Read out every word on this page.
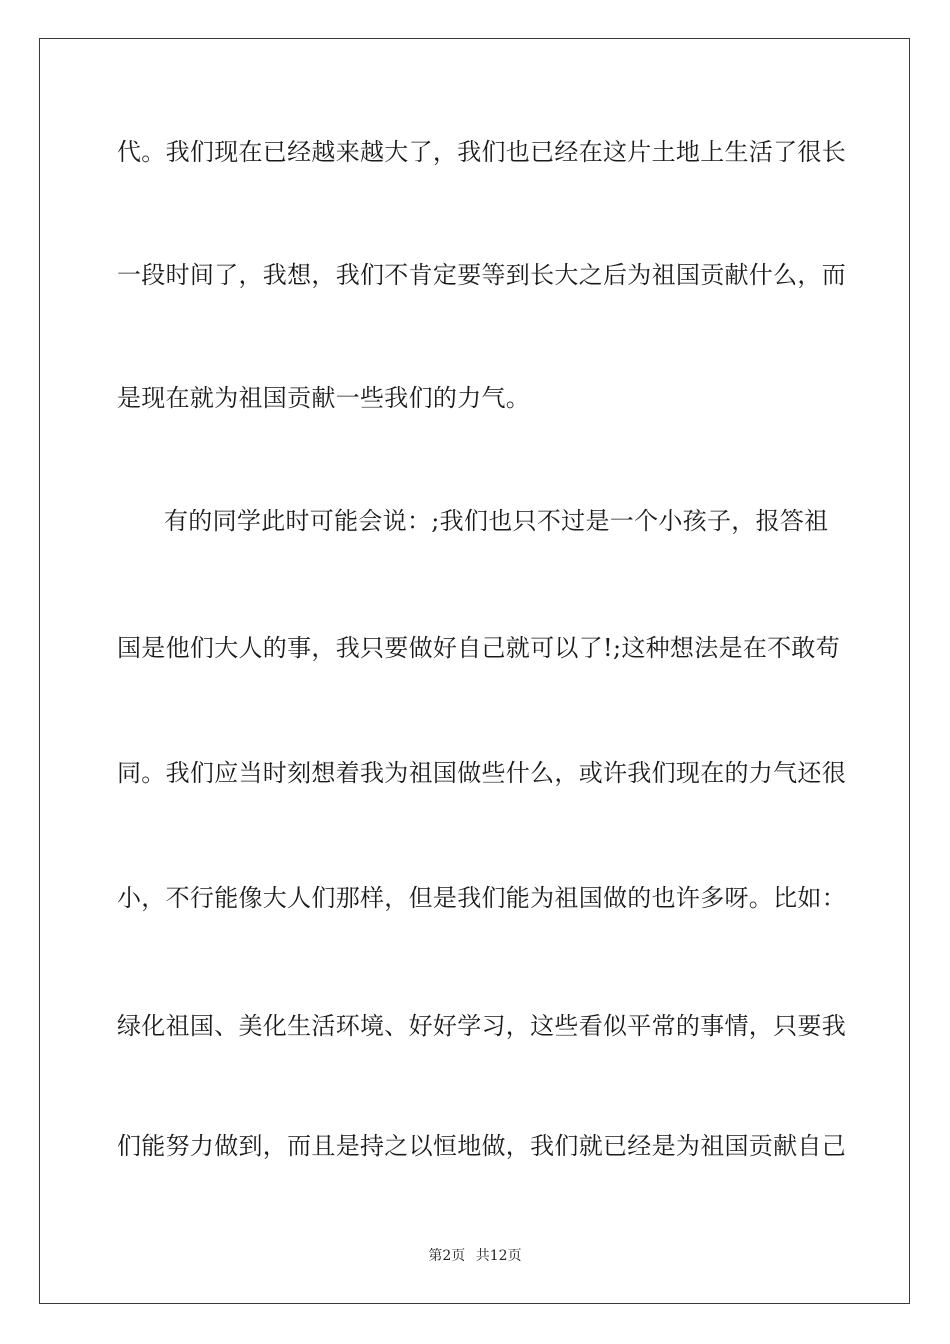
代。我们现在已经越来越大了，我们也已经在这片土地上生活了很长
一段时间了，我想，我们不肯定要等到长大之后为祖国贡献什么，而
是现在就为祖国贡献一些我们的力气。
有的同学此时可能会说：;我们也只不过是一个小孩子，报答祖
国是他们大人的事，我只要做好自己就可以了!;这种想法是在不敢苟
同。我们应当时刻想着我为祖国做些什么，或许我们现在的力气还很
小，不行能像大人们那样，但是我们能为祖国做的也许多呀。比如：
绿化祖国、美化生活环境、好好学习，这些看似平常的事情，只要我
们能努力做到，而且是持之以恒地做，我们就已经是为祖国贡献自己
第2页 共12页
